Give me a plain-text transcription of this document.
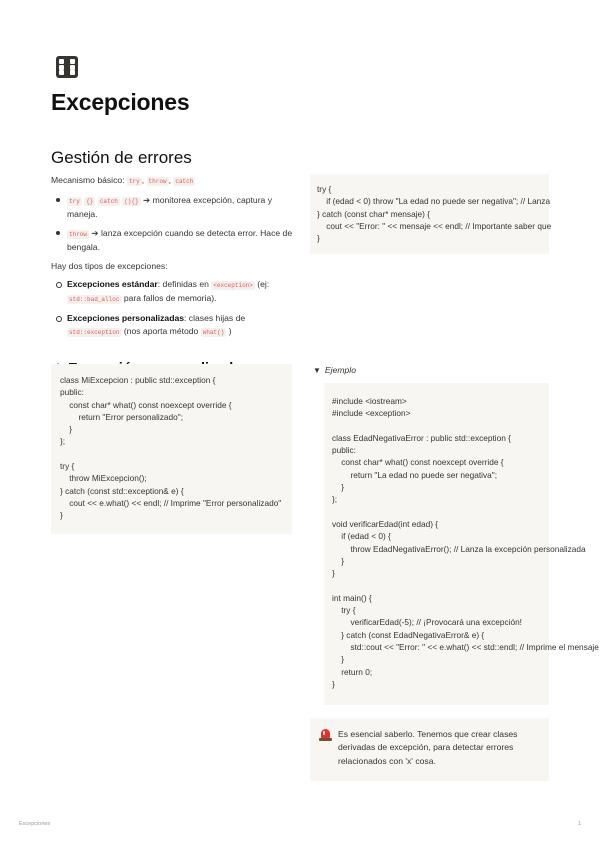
Excepciones
Gestión de errores

Mecanismo básico: try , throw , catch

try {} catch (){} ➔ monitorea excepción, captura y maneja.
throw ➔ lanza excepción cuando se detecta error. Hace de bengala.

Hay dos tipos de excepciones:

Excepciones estándar: definidas en <exception> (ej: std::bad_alloc para fallos de memoria).
Excepciones personalizadas: clases hijas de std::exception (nos aporta método what() )
class MiExcepcion : public std::exception {
public:
const char* what() const noexcept override {
return "Error personalizado";
}
};

try {
throw MiExcepcion();
} catch (const std::exception& e) {
cout << e.what() << endl; // Imprime "Error personalizado"
}
try {
if (edad < 0) throw "La edad no puede ser negativa"; // Lanza
} catch (const char* mensaje) {
cout << "Error: " << mensaje << endl; // Importante saber que
}
▼ Ejemplo
#include <iostream>
#include <exception>

class EdadNegativaError : public std::exception {
public:
const char* what() const noexcept override {
return "La edad no puede ser negativa";
}
};

void verificarEdad(int edad) {
if (edad < 0) {
throw EdadNegativaError(); // Lanza la excepción personalizada
}
}

int main() {
try {
verificarEdad(-5); // ¡Provocará una excepción!
} catch (const EdadNegativaError& e) {
std::cout << "Error: " << e.what() << std::endl; // Imprime el mensaje
}
return 0;
}

Es esencial saberlo. Tenemos que crear clases derivadas de excepción, para detectar errores relacionados con 'x' cosa.

Excepciones	1
